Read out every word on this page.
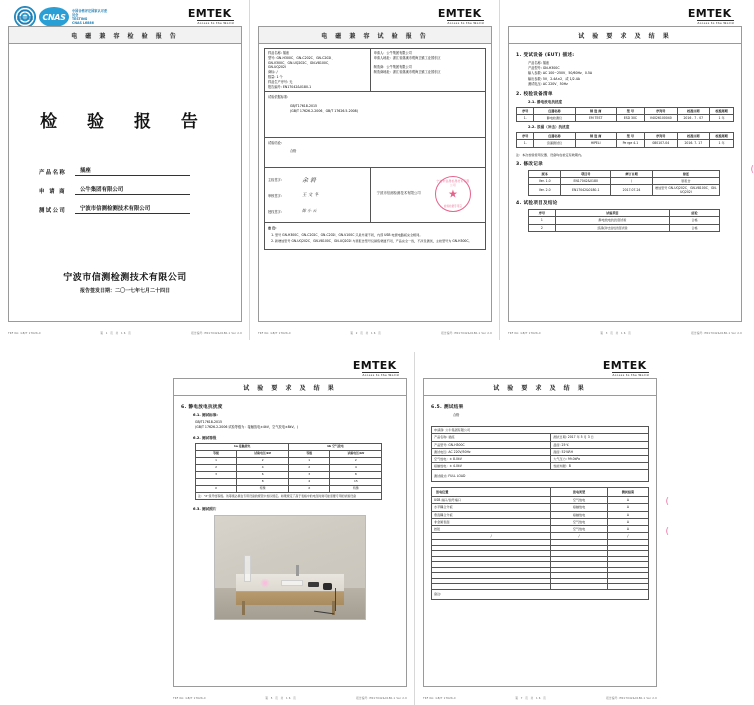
CNAS
中国合格评定国家认可委员会
TESTING
CNAS L6886
EMTEK
Access to the World
电 磁 兼 容 检 验 报 告
检 验 报 告
产品名称	插座
申 请 商	公牛集团有限公司
测试公司	宁波市信测检测技术有限公司
宁波市信测检测技术有限公司
报告签发日期：二〇一七年七月二十四日
TRF No: GB/T 17626-X	第 1 页 共 16 页	报告编号: EN17042&0180-1 Ver 2.0
EMTEK
Access to the World
电 磁 兼 容 试 验 报 告
样品名称: 插座
型号: GN-H300C、GN-C202C、GN-C202I、
GN-V300C、GN-UQ202C、GN-V8100C、
GN-UQ202I
商标: /
数量: 1 个
样品生产序号: 无
报告编号: EN17042&0180-1
申请人：公牛集团有限公司
申请人地址：浙江省慈溪市观海卫镇工业园东区

制造商：公牛集团有限公司
制造商地址：浙江省慈溪市观海卫镇工业园东区
试验依据标准:
GB/T17618-2015
(GB/T 17626.2-2006、GB/T 17626.5-2008)
试验结论:
合格
主检签字:	余 岩
审核签字:	王 文 冬
授权签字:	陈 小 云
宁波市信测检测技术有限公司
宁波市信测检测技术有限公司
★
检验检测专用章
备 注:
1. 型号 GN-H300C、GN-C202C、GN-C202I、GN-V100C 只是外观不同，内部 USB 电源电路板完全相同。
2. 新增加型号 GN-UQ202C、GN-V8100C、GN-UQ202I 与原报告型号仅销售渠道不同，产品完全一致，不涉及测试，主检型号为 GN-H300C。
TRF No: GB/T 17626-X	第 2 页 共 16 页	报告编号: EN17042&0180-1 Ver 2.0
EMTEK
Access to the World
试 验 要 求 及 结 果
1. 受试设备 (EUT) 描述:
产品名称: 插座
产品型号: GN-H300C
输入参数: AC 100~250V、50/60Hz、0.5A
输出参数: 5V、2.4A×2、或 1/2.4A
测试电压: AC 220V、50Hz
2. 校验设备清单
2.1. 静电放电抗扰度
序号	仪器名称	制 造 商	型 号	序列号	校准日期	校准周期
1.	静电检测仪	EM TEST	ESD 30C	V4026100040	2016 . 7 . 07	1 年
2.2. 浪涌（冲击）抗扰度
序号	仪器名称	制 造 商	型 号	序列号	校准日期	校准周期
1.	浪涌测试仪	HIPELI	Pe rge 4.1	080107-04	2016. 7. 17	1 年
注：本次校验使用仪器、设备均在检定有效期内。
3. 修改记录
版本	项目号	修订日期	综述
Ver. 1.0	EN17042&0180	/	原报告
Ver. 2.0	EN17042&0180-1	2017.07.24	增加型号 GN-UQ202C、GN-V8100C、GN-UQ202I
4. 试验项目及结论
序号	试验项目	结论
1	静电放电抗扰度试验	合格
2	浪涌(冲击)抗扰度试验	合格
TRF No: GB/T 17626-X	第 3 页 共 16 页	报告编号: EN17042&0180-1 Ver 2.0
(
EMTEK
Access to the World
试 验 要 求 及 结 果
6. 静电放电抗扰度
6.1. 测试标准:
GB/T17618-2015
(GB/T 17626.2-2006 试验等级为：接触放电±4kV，空气放电±8kV。)
6.2. 测试等级
1a 接触放电		1b 空气放电	
等级	试验电压/kV	等级	试验电压/kV
1	2	1	2
2	4	2	4
3	6	3	8
	8	4	15
X	特殊	X	特殊
注：“X”是开放等级。该等级必须在专用设备的规范中加以规定。如果规定了高于表格中的电压时则可能需要专用的试验设备			
6.3. 测试照片
TRF No: GB/T 17626-X	第 5 页 共 16 页	报告编号: EN17042&0180-1 Ver 2.0
EMTEK
Access to the World
试 验 要 求 及 结 果
6.5. 测试结果
合格
申请商: 公牛集团有限公司	
产品名称: 插座	测试日期: 2017 年 5 月 3 日
产品型号: GN-H300C	温度: 25℃
测试电压: AC 220V/50Hz	湿度: 52%RH
空气放电：± 8.0kV	大气压力: 99.0kPa
接触放电：± 4.0kV	性能判据：B
测试模式: FULL LOAD	
放电位置	放电类型	测试结果
USB 端口/信号端口	空气放电	A
水平耦合介板	接触放电	A
垂直耦合介板	接触放电	A
非金属表面	空气放电	A
按钮	空气放电	A
/	/	/

备注:		
TRF No: GB/T 17626-X	第 7 页 共 16 页	报告编号: EN17042&0180-1 Ver 2.0
(
(
